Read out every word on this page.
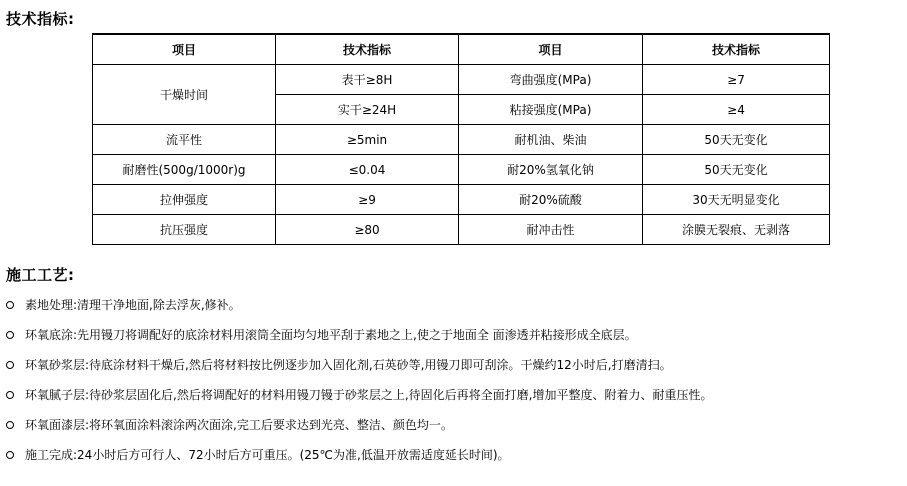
技术指标:
项目	技术指标	项目	技术指标
干燥时间	表干≥8H	弯曲强度(MPa)	≥7
	实干≥24H	粘接强度(MPa)	≥4
流平性	≥5min	耐机油、柴油	50天无变化
耐磨性(500g/1000r)g	≤0.04	耐20%氢氧化钠	50天无变化
拉伸强度	≥9	耐20%硫酸	30天无明显变化
抗压强度	≥80	耐冲击性	涂膜无裂痕、无剥落
施工工艺:
素地处理:清理干净地面,除去浮灰,修补。
环氧底涂:先用镘刀将调配好的底涂材料用滚筒全面均匀地平刮于素地之上,使之于地面全 面渗透并粘接形成全底层。
环氧砂浆层:待底涂材料干燥后,然后将材料按比例逐步加入固化剂,石英砂等,用镘刀即可刮涂。干燥约12小时后,打磨清扫。
环氧腻子层:待砂浆层固化后,然后将调配好的材料用镘刀镘于砂浆层之上,待固化后再将全面打磨,增加平整度、附着力、耐重压性。
环氧面漆层:将环氧面涂料滚涂两次面涂,完工后要求达到光亮、整洁、颜色均一。
施工完成:24小时后方可行人、72小时后方可重压。(25℃为准,低温开放需适度延长时间)。
